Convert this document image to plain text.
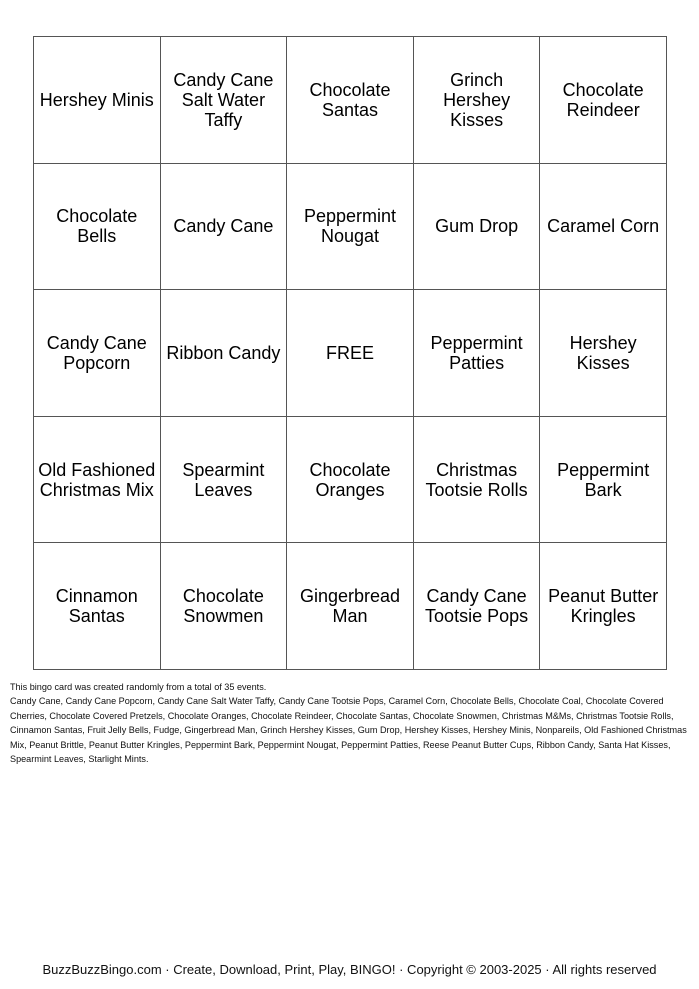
Hershey Minis	Candy Cane Salt Water Taffy	Chocolate Santas	Grinch Hershey Kisses	Chocolate Reindeer
Chocolate Bells	Candy Cane	Peppermint Nougat	Gum Drop	Caramel Corn
Candy Cane Popcorn	Ribbon Candy	FREE	Peppermint Patties	Hershey Kisses
Old Fashioned Christmas Mix	Spearmint Leaves	Chocolate Oranges	Christmas Tootsie Rolls	Peppermint Bark
Cinnamon Santas	Chocolate Snowmen	Gingerbread Man	Candy Cane Tootsie Pops	Peanut Butter Kringles

This bingo card was created randomly from a total of 35 events.

Candy Cane, Candy Cane Popcorn, Candy Cane Salt Water Taffy, Candy Cane Tootsie Pops, Caramel Corn, Chocolate Bells, Chocolate Coal, Chocolate Covered Cherries, Chocolate Covered Pretzels, Chocolate Oranges, Chocolate Reindeer, Chocolate Santas, Chocolate Snowmen, Christmas M&Ms, Christmas Tootsie Rolls, Cinnamon Santas, Fruit Jelly Bells, Fudge, Gingerbread Man, Grinch Hershey Kisses, Gum Drop, Hershey Kisses, Hershey Minis, Nonpareils, Old Fashioned Christmas Mix, Peanut Brittle, Peanut Butter Kringles, Peppermint Bark, Peppermint Nougat, Peppermint Patties, Reese Peanut Butter Cups, Ribbon Candy, Santa Hat Kisses, Spearmint Leaves, Starlight Mints.

BuzzBuzzBingo.com · Create, Download, Print, Play, BINGO! · Copyright © 2003-2025 · All rights reserved
